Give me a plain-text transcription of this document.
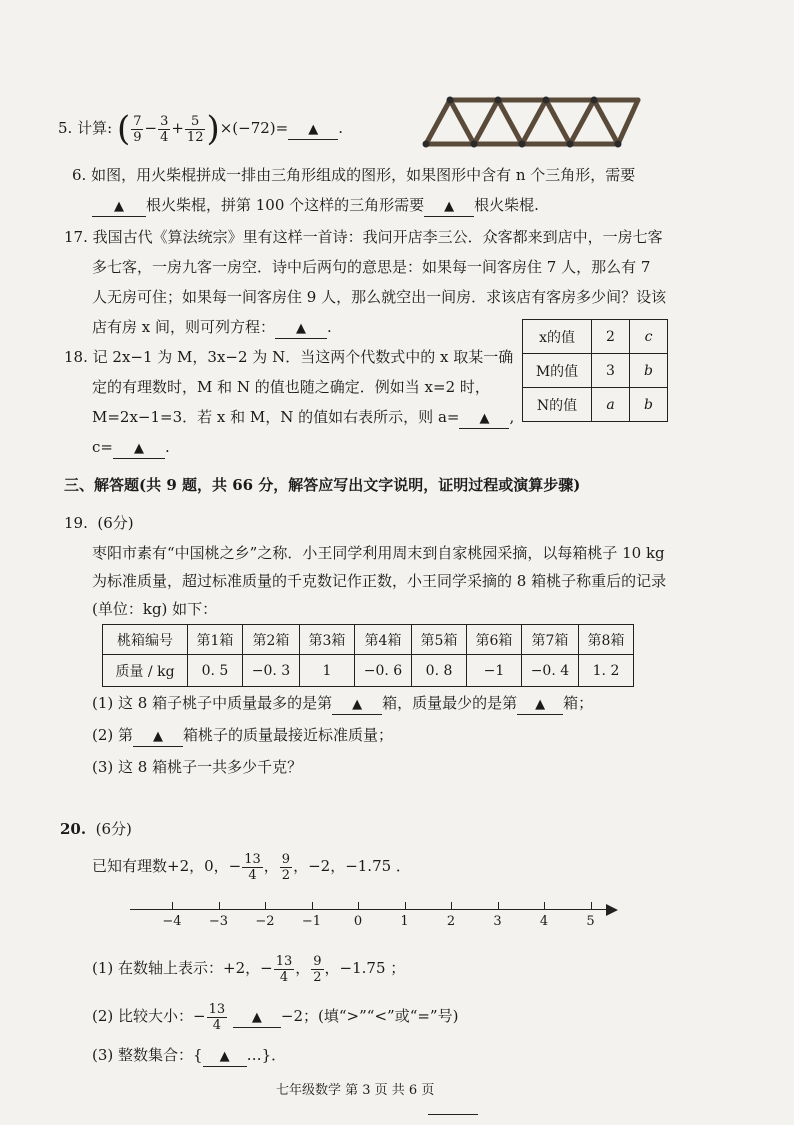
5. 计算: ( $\frac{7}{9} - \frac{3}{4} + \frac{5}{12} )\times(-72)=$ ▲ .
6. 如图，用火柴棍拼成一排由三角形组成的图形，如果图形中含有 n 个三角形，需要
▲ 根火柴棍，拼第 100 个这样的三角形需要 ▲ 根火柴棍.
17. 我国古代《算法统宗》里有这样一首诗：我问开店李三公．众客都来到店中，一房七客
多七客，一房九客一房空．诗中后两句的意思是：如果每一间客房住 7 人，那么有 7
人无房可住；如果每一间客房住 9 人，那么就空出一间房．求该店有客房多少间？设该
店有房 x 间，则可列方程： ▲ .
x的值	2	c
M的值	3	b
N的值	a	b
18. 记 2x−1 为 M，3x−2 为 N．当这两个代数式中的 x 取某一确
定的有理数时，M 和 N 的值也随之确定．例如当 x=2 时，
M=2x−1=3．若 x 和 M，N 的值如右表所示，则 a= ▲ ,
c= ▲ .
三、解答题(共 9 题，共 66 分，解答应写出文字说明，证明过程或演算步骤)
19. (6分)
枣阳市素有“中国桃之乡”之称．小王同学利用周末到自家桃园采摘，以每箱桃子 10 kg
为标准质量，超过标准质量的千克数记作正数，小王同学采摘的 8 箱桃子称重后的记录
(单位：kg) 如下：
桃箱编号	第1箱	第2箱	第3箱	第4箱	第5箱	第6箱	第7箱	第8箱
质量 / kg	0. 5	−0. 3	1	−0. 6	0. 8	−1	−0. 4	1. 2
(1) 这 8 箱子桃子中质量最多的是第 ▲ 箱，质量最少的是第 ▲ 箱；
(2) 第 ▲ 箱桃子的质量最接近标准质量；
(3) 这 8 箱桃子一共多少千克？
20. (6分)
已知有理数+2，0，− $\frac{13}{4}$ ， $\frac{9}{2}$ ，−2，−1.75 ．
−4	−3	−2	−1	0	1	2	3	4	5
(1) 在数轴上表示：+2，− $\frac{13}{4}$ ， $\frac{9}{2}$ ，−1.75 ；
(2) 比较大小：− $\frac{13}{4}$ ▲ −2；(填“>”“<”或“=”号)
(3) 整数集合：{ ▲ …}．
七年级数学 第 3 页 共 6 页
